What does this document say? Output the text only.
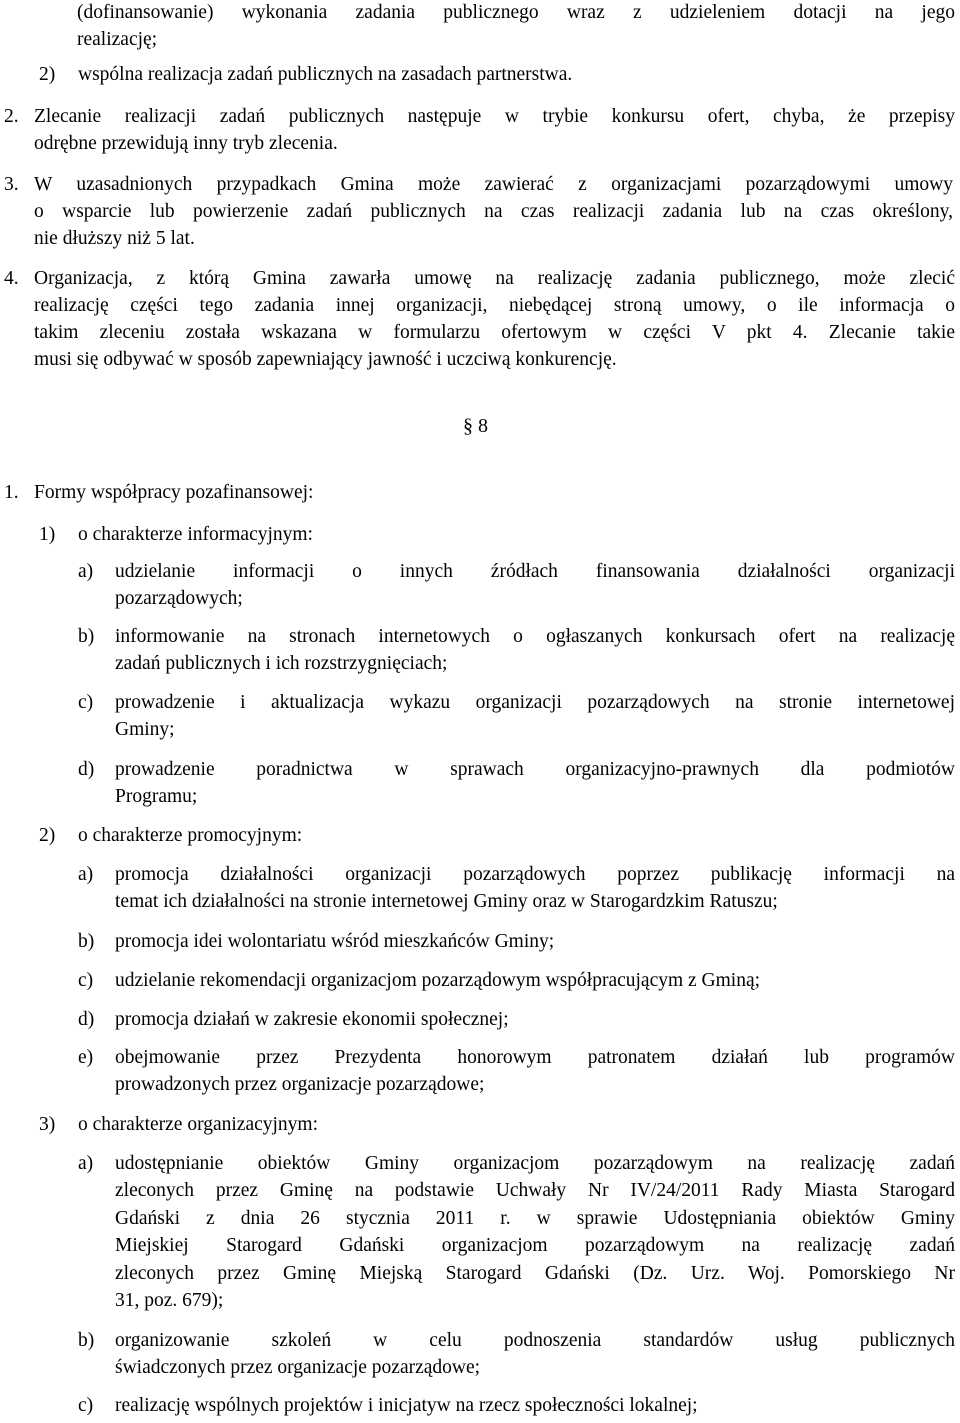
(dofinansowanie) wykonania zadania publicznego wraz z udzieleniem dotacji na jego
realizację;
2) wspólna realizacja zadań publicznych na zasadach partnerstwa.
2. Zlecanie realizacji zadań publicznych następuje w trybie konkursu ofert, chyba, że przepisy
odrębne przewidują inny tryb zlecenia.
3. W uzasadnionych przypadkach Gmina może zawierać z organizacjami pozarządowymi umowy
o wsparcie lub powierzenie zadań publicznych na czas realizacji zadania lub na czas określony,
nie dłuższy niż 5 lat.
4. Organizacja, z którą Gmina zawarła umowę na realizację zadania publicznego, może zlecić
realizację części tego zadania innej organizacji, niebędącej stroną umowy, o ile informacja o
takim zleceniu została wskazana w formularzu ofertowym w części V pkt 4. Zlecanie takie
musi się odbywać w sposób zapewniający jawność i uczciwą konkurencję.
§ 8
1. Formy współpracy pozafinansowej:
1) o charakterze informacyjnym:
a) udzielanie informacji o innych źródłach finansowania działalności organizacji
pozarządowych;
b) informowanie na stronach internetowych o ogłaszanych konkursach ofert na realizację
zadań publicznych i ich rozstrzygnięciach;
c) prowadzenie i aktualizacja wykazu organizacji pozarządowych na stronie internetowej
Gminy;
d) prowadzenie poradnictwa w sprawach organizacyjno-prawnych dla podmiotów
Programu;
2) o charakterze promocyjnym:
a) promocja działalności organizacji pozarządowych poprzez publikację informacji na
temat ich działalności na stronie internetowej Gminy oraz w Starogardzkim Ratuszu;
b) promocja idei wolontariatu wśród mieszkańców Gminy;
c) udzielanie rekomendacji organizacjom pozarządowym współpracującym z Gminą;
d) promocja działań w zakresie ekonomii społecznej;
e) obejmowanie przez Prezydenta honorowym patronatem działań lub programów
prowadzonych przez organizacje pozarządowe;
3) o charakterze organizacyjnym:
a) udostępnianie obiektów Gminy organizacjom pozarządowym na realizację zadań
zleconych przez Gminę na podstawie Uchwały Nr IV/24/2011 Rady Miasta Starogard
Gdański z dnia 26 stycznia 2011 r. w sprawie Udostępniania obiektów Gminy
Miejskiej Starogard Gdański organizacjom pozarządowym na realizację zadań
zleconych przez Gminę Miejską Starogard Gdański (Dz. Urz. Woj. Pomorskiego Nr
31, poz. 679);
b) organizowanie szkoleń w celu podnoszenia standardów usług publicznych
świadczonych przez organizacje pozarządowe;
c) realizację wspólnych projektów i inicjatyw na rzecz społeczności lokalnej;
